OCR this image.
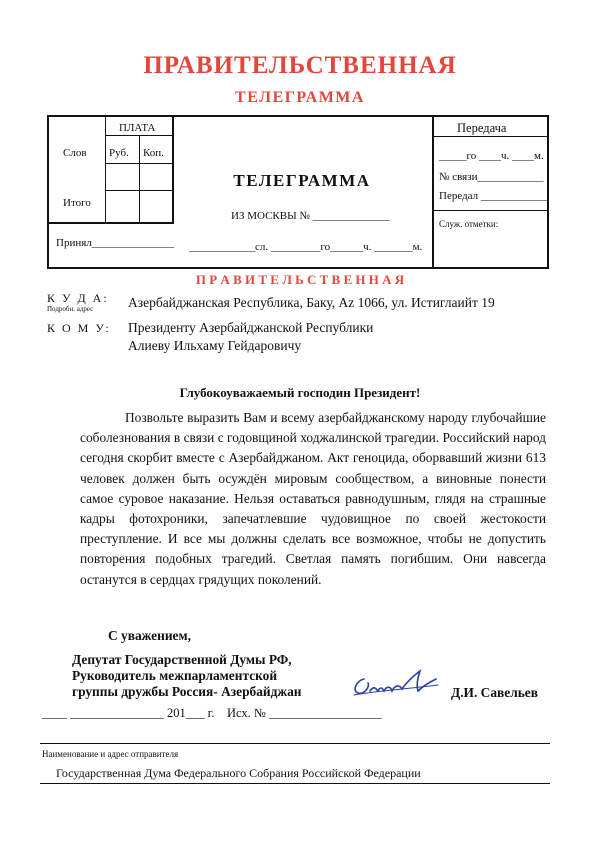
ПРАВИТЕЛЬСТВЕННАЯ
ТЕЛЕГРАММА
ПЛАТА
Слов Руб. Коп.
Итого
Принял_______________
ТЕЛЕГРАММА
ИЗ МОСКВЫ № ______________
____________сл. _________го______ч. _______м.
Передача
_____го ____ч. ____м.
№ связи____________
Передал ____________
Служ. отметки:
П Р А В И Т Е Л Ь С Т В Е Н Н А Я
К У Д А:
Подробн. адрес	Азербайджанская Республика, Баку, Az 1066, ул. Истиглаийт 19
К О М У: Президенту Азербайджанской Республики
Алиеву Ильхаму Гейдаровичу
Глубокоуважаемый господин Президент!
Позвольте выразить Вам и всему азербайджанскому народу глубочайшие соболезнования в связи с годовщиной ходжалинской трагедии. Российский народ сегодня скорбит вместе с Азербайджаном. Акт геноцида, оборвавший жизни 613 человек должен быть осуждён мировым сообществом, а виновные понести самое суровое наказание. Нельзя оставаться равнодушным, глядя на страшные кадры фотохроники, запечатлевшие чудовищное по своей жестокости преступление. И все мы должны сделать все возможное, чтобы не допустить повторения подобных трагедий. Светлая память погибшим. Они навсегда останутся в сердцах грядущих поколений.
С уважением,
Депутат Государственной Думы РФ,
Руководитель межпарламентской
группы дружбы Россия- Азербайджан	Д.И. Савельев
____ _______________ 201___ г. Исх. № __________________
Наименование и адрес отправителя
Государственная Дума Федерального Собрания Российской Федерации
